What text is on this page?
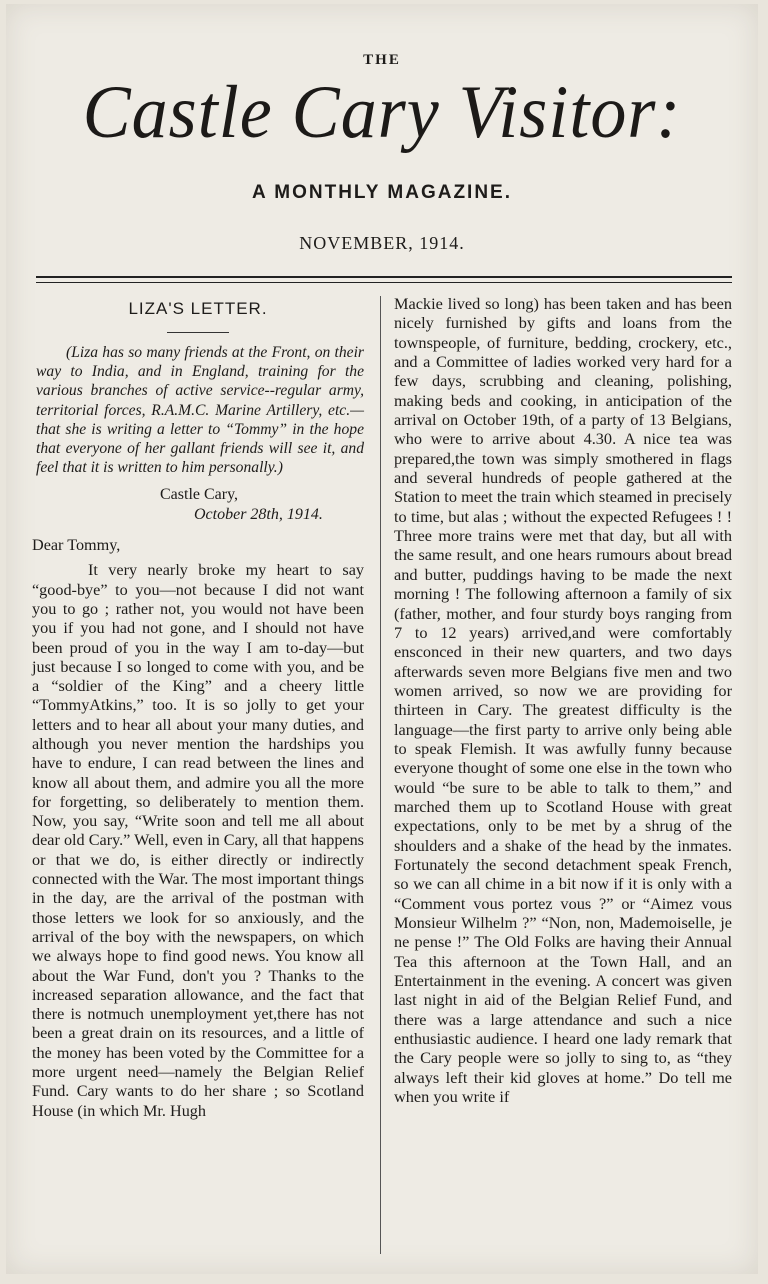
THE
Castle Cary Visitor:
A MONTHLY MAGAZINE.
NOVEMBER, 1914.
LIZA'S LETTER.

(Liza has so many friends at the Front, on their way to India, and in England, training for the various branches of active service--regular army, territorial forces, R.A.M.C. Marine Artillery, etc.— that she is writing a letter to “Tommy” in the hope that everyone of her gallant friends will see it, and feel that it is written to him personally.)

Castle Cary,

October 28th, 1914.

Dear Tommy,

It very nearly broke my heart to say “good-bye” to you—not because I did not want you to go ; rather not, you would not have been you if you had not gone, and I should not have been proud of you in the way I am to-day—but just because I so longed to come with you, and be a “soldier of the King” and a cheery little “TommyAtkins,” too. It is so jolly to get your letters and to hear all about your many duties, and although you never mention the hardships you have to endure, I can read between the lines and know all about them, and admire you all the more for forgetting, so deliberately to mention them. Now, you say, “Write soon and tell me all about dear old Cary.” Well, even in Cary, all that happens or that we do, is either directly or indirectly connected with the War. The most important things in the day, are the arrival of the postman with those letters we look for so anxiously, and the arrival of the boy with the newspapers, on which we always hope to find good news. You know all about the War Fund, don't you ? Thanks to the increased separation allowance, and the fact that there is notmuch unemployment yet,there has not been a great drain on its resources, and a little of the money has been voted by the Committee for a more urgent need—namely the Belgian Relief Fund. Cary wants to do her share ; so Scotland House (in which Mr. Hugh

Mackie lived so long) has been taken and has been nicely furnished by gifts and loans from the townspeople, of furniture, bedding, crockery, etc., and a Committee of ladies worked very hard for a few days, scrubbing and cleaning, polishing, making beds and cooking, in anticipation of the arrival on October 19th, of a party of 13 Belgians, who were to arrive about 4.30. A nice tea was prepared,the town was simply smothered in flags and several hundreds of people gathered at the Station to meet the train which steamed in precisely to time, but alas ; without the expected Refugees ! ! Three more trains were met that day, but all with the same result, and one hears rumours about bread and butter, puddings having to be made the next morning ! The following afternoon a family of six (father, mother, and four sturdy boys ranging from 7 to 12 years) arrived,and were comfortably ensconced in their new quarters, and two days afterwards seven more Belgians five men and two women arrived, so now we are providing for thirteen in Cary. The greatest difficulty is the language—the first party to arrive only being able to speak Flemish. It was awfully funny because everyone thought of some one else in the town who would “be sure to be able to talk to them,” and marched them up to Scotland House with great expectations, only to be met by a shrug of the shoulders and a shake of the head by the inmates. Fortunately the second detachment speak French, so we can all chime in a bit now if it is only with a “Comment vous portez vous ?” or “Aimez vous Monsieur Wilhelm ?” “Non, non, Mademoiselle, je ne pense !” The Old Folks are having their Annual Tea this afternoon at the Town Hall, and an Entertainment in the evening. A concert was given last night in aid of the Belgian Relief Fund, and there was a large attendance and such a nice enthusiastic audience. I heard one lady remark that the Cary people were so jolly to sing to, as “they always left their kid gloves at home.” Do tell me when you write if
